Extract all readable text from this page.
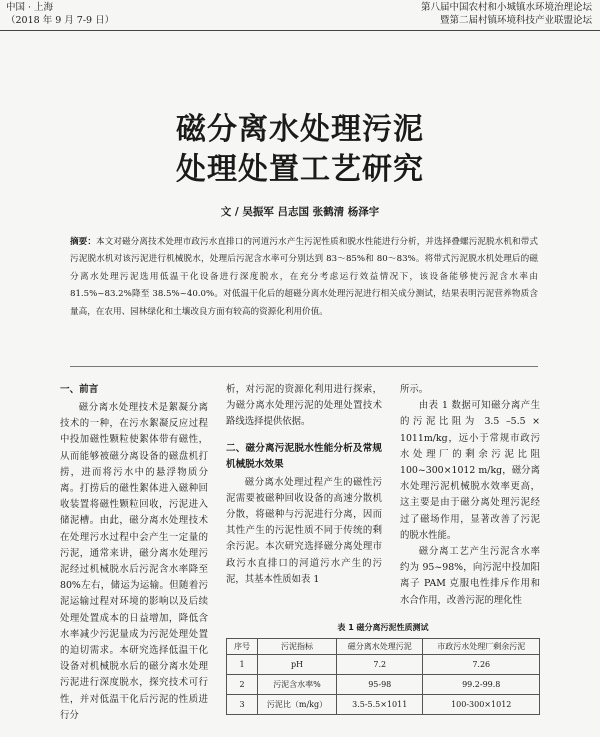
中国 · 上海
（2018 年 9 月 7-9 日）
第八届中国农村和小城镇水环境治理论坛
暨第二届村镇环境科技产业联盟论坛
磁分离水处理污泥
处理处置工艺研究
文 / 吴振军 吕志国 张鹤清 杨泽宇
摘要：本文对磁分离技术处理市政污水直排口的河道污水产生污泥性质和脱水性能进行分析，并选择叠螺污泥脱水机和带式污泥脱水机对该污泥进行机械脱水，处理后污泥含水率可分别达到 83～85%和 80～83%。将带式污泥脱水机处理后的磁分离水处理污泥选用低温干化设备进行深度脱水，在充分考虑运行效益情况下，该设备能够使污泥含水率由 81.5%~83.2%降至 38.5%~40.0%。对低温干化后的超磁分离水处理污泥进行相关成分测试，结果表明污泥营养物质含量高，在农用、园林绿化和土壤改良方面有较高的资源化利用价值。
一、前言

磁分离水处理技术是絮凝分离技术的一种，在污水絮凝反应过程中投加磁性颗粒使絮体带有磁性，从而能够被磁分离设备的磁盘机打捞，进而将污水中的悬浮物质分离。打捞后的磁性絮体进入磁种回收装置将磁性颗粒回收，污泥进入储泥槽。由此，磁分离水处理技术在处理污水过程中会产生一定量的污泥，通常来讲，磁分离水处理污泥经过机械脱水后污泥含水率降至 80%左右，储运为运输。但随着污泥运输过程对环境的影响以及后续处理处置成本的日益增加，降低含水率减少污泥量成为污泥处理处置的迫切需求。本研究选择低温干化设备对机械脱水后的磁分离水处理污泥进行深度脱水，探究技术可行性，并对低温干化后污泥的性质进行分

析，对污泥的资源化利用进行探索，为磁分离水处理污泥的处理处置技术路线选择提供依据。

二、磁分离污泥脱水性能分析及常规机械脱水效果

磁分离水处理过程产生的磁性污泥需要被磁种回收设备的高速分散机分散，将磁种与污泥进行分离，因而其性产生的污泥性质不同于传统的剩余污泥。本次研究选择磁分离处理市政污水直排口的河道污水产生的污泥，其基本性质如表 1

所示。

由表 1 数据可知磁分离产生的污泥比阻为 3.5 –5.5 × 1011m/kg，远小于常规市政污水处理厂的剩余污泥比阻 100~300×1012 m/kg，磁分离水处理污泥机械脱水效率更高，这主要是由于磁分离处理污泥经过了磁场作用，显著改善了污泥的脱水性能。

磁分离工艺产生污泥含水率约为 95~98%，向污泥中投加阳离子 PAM 克服电性排斥作用和水合作用，改善污泥的理化性

表 1 磁分离污泥性质测试
序号	污泥指标	磁分离水处理污泥	市政污水处理厂剩余污泥
1	pH	7.2	7.26
2	污泥含水率%	95-98	99.2-99.8
3	污泥比（m/kg）	3.5-5.5×1011	100-300×1012
